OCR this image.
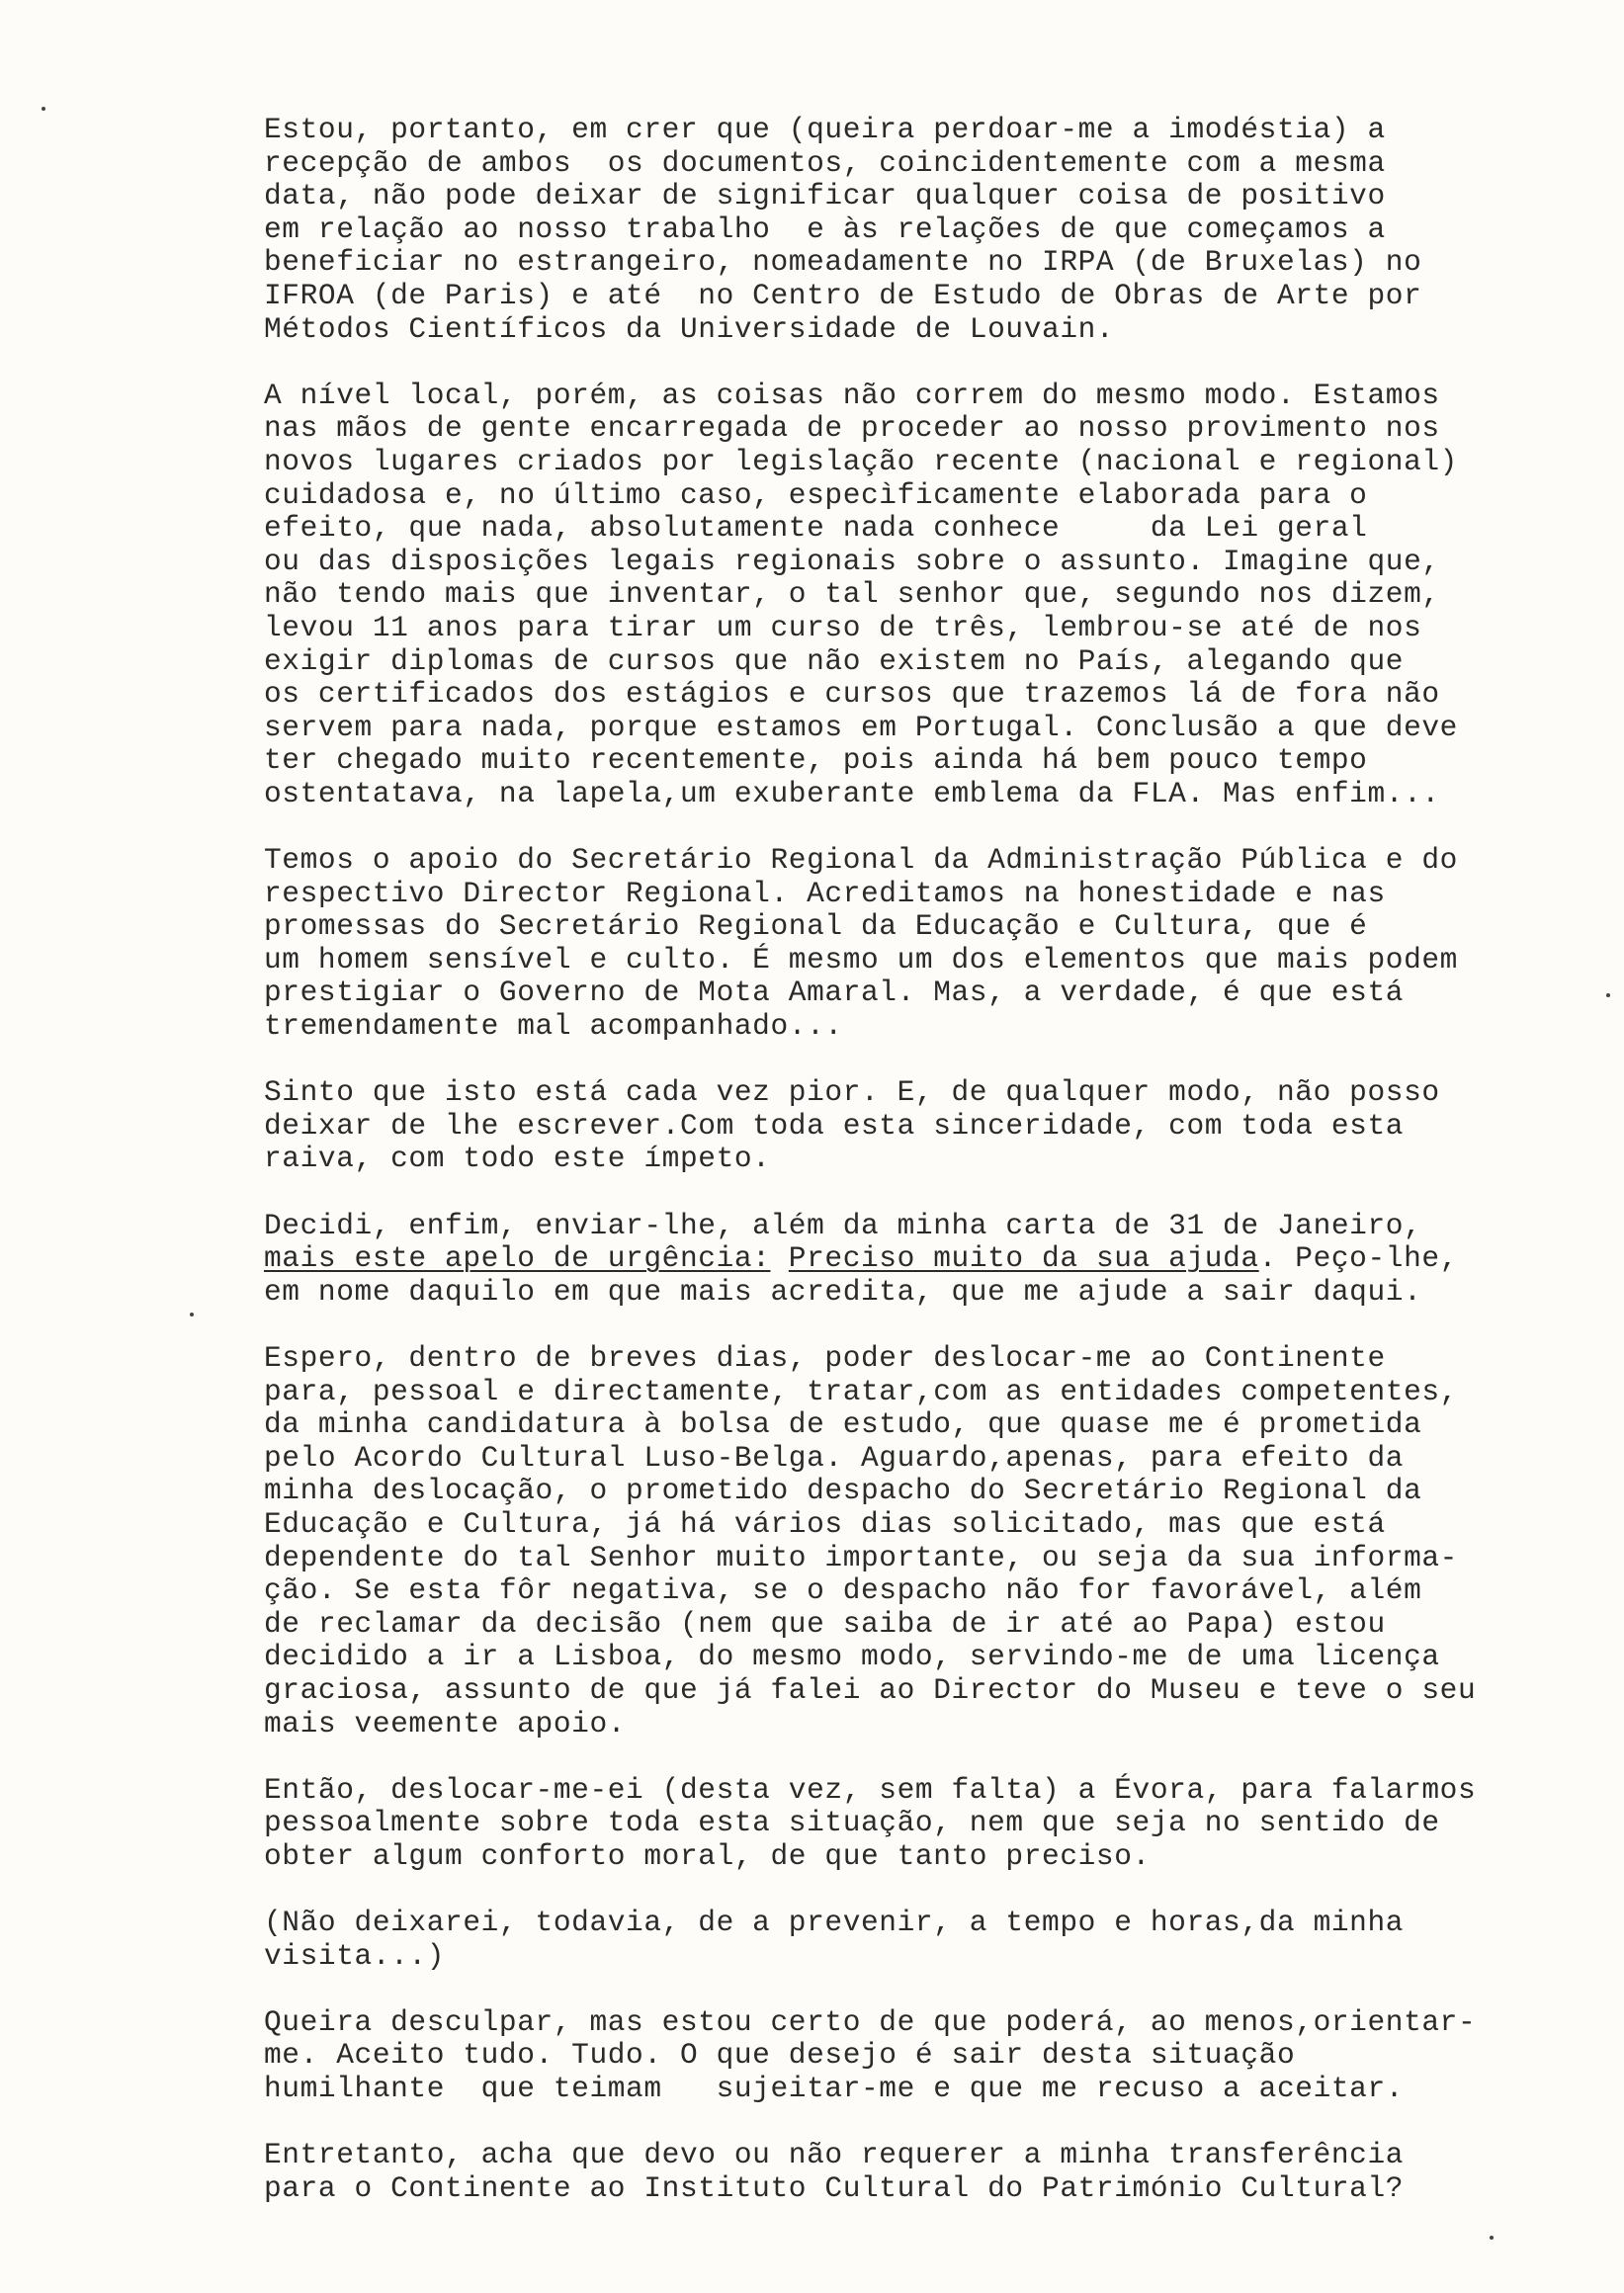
Estou, portanto, em crer que (queira perdoar-me a imodéstia) a
recepção de ambos  os documentos, coincidentemente com a mesma
data, não pode deixar de significar qualquer coisa de positivo
em relação ao nosso trabalho  e às relações de que começamos a
beneficiar no estrangeiro, nomeadamente no IRPA (de Bruxelas) no
IFROA (de Paris) e até  no Centro de Estudo de Obras de Arte por
Métodos Científicos da Universidade de Louvain.
A nível local, porém, as coisas não correm do mesmo modo. Estamos
nas mãos de gente encarregada de proceder ao nosso provimento nos
novos lugares criados por legislação recente (nacional e regional)
cuidadosa e, no último caso, especìficamente elaborada para o
efeito, que nada, absolutamente nada conhece     da Lei geral
ou das disposições legais regionais sobre o assunto. Imagine que,
não tendo mais que inventar, o tal senhor que, segundo nos dizem,
levou 11 anos para tirar um curso de três, lembrou-se até de nos
exigir diplomas de cursos que não existem no País, alegando que
os certificados dos estágios e cursos que trazemos lá de fora não
servem para nada, porque estamos em Portugal. Conclusão a que deve
ter chegado muito recentemente, pois ainda há bem pouco tempo
ostentatava, na lapela,um exuberante emblema da FLA. Mas enfim...
Temos o apoio do Secretário Regional da Administração Pública e do
respectivo Director Regional. Acreditamos na honestidade e nas
promessas do Secretário Regional da Educação e Cultura, que é
um homem sensível e culto. É mesmo um dos elementos que mais podem
prestigiar o Governo de Mota Amaral. Mas, a verdade, é que está
tremendamente mal acompanhado...
Sinto que isto está cada vez pior. E, de qualquer modo, não posso
deixar de lhe escrever.Com toda esta sinceridade, com toda esta
raiva, com todo este ímpeto.
Decidi, enfim, enviar-lhe, além da minha carta de 31 de Janeiro,
mais este apelo de urgência: Preciso muito da sua ajuda. Peço-lhe,
em nome daquilo em que mais acredita, que me ajude a sair daqui.
Espero, dentro de breves dias, poder deslocar-me ao Continente
para, pessoal e directamente, tratar,com as entidades competentes,
da minha candidatura à bolsa de estudo, que quase me é prometida
pelo Acordo Cultural Luso-Belga. Aguardo,apenas, para efeito da
minha deslocação, o prometido despacho do Secretário Regional da
Educação e Cultura, já há vários dias solicitado, mas que está
dependente do tal Senhor muito importante, ou seja da sua informa-
ção. Se esta fôr negativa, se o despacho não for favorável, além
de reclamar da decisão (nem que saiba de ir até ao Papa) estou
decidido a ir a Lisboa, do mesmo modo, servindo-me de uma licença
graciosa, assunto de que já falei ao Director do Museu e teve o seu
mais veemente apoio.
Então, deslocar-me-ei (desta vez, sem falta) a Évora, para falarmos
pessoalmente sobre toda esta situação, nem que seja no sentido de
obter algum conforto moral, de que tanto preciso.
(Não deixarei, todavia, de a prevenir, a tempo e horas,da minha
visita...)
Queira desculpar, mas estou certo de que poderá, ao menos,orientar-
me. Aceito tudo. Tudo. O que desejo é sair desta situação
humilhante  que teimam   sujeitar-me e que me recuso a aceitar.
Entretanto, acha que devo ou não requerer a minha transferência
para o Continente ao Instituto Cultural do Património Cultural?
